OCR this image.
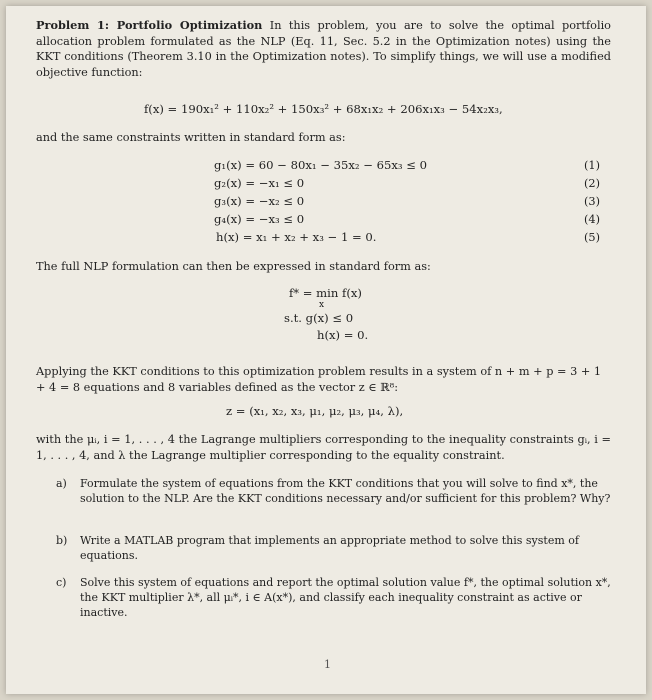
Problem 1: Portfolio Optimization In this problem, you are to solve the optimal portfolio allocation problem formulated as the NLP (Eq. 11, Sec. 5.2 in the Optimization notes) using the KKT conditions (Theorem 3.10 in the Optimization notes). To simplify things, we will use a modified objective function:
f(x) = 190x₁² + 110x₂² + 150x₃² + 68x₁x₂ + 206x₁x₃ − 54x₂x₃,
and the same constraints written in standard form as:
g₁(x) = 60 − 80x₁ − 35x₂ − 65x₃ ≤ 0	(1)
g₂(x) = −x₁ ≤ 0	(2)
g₃(x) = −x₂ ≤ 0	(3)
g₄(x) = −x₃ ≤ 0	(4)
h(x) = x₁ + x₂ + x₃ − 1 = 0.	(5)
The full NLP formulation can then be expressed in standard form as:
f* = min f(x)
x
s.t. g(x) ≤ 0
h(x) = 0.
Applying the KKT conditions to this optimization problem results in a system of n + m + p = 3 + 1 + 4 = 8 equations and 8 variables defined as the vector z ∈ ℝ⁸:
z = (x₁, x₂, x₃, μ₁, μ₂, μ₃, μ₄, λ),
with the μᵢ, i = 1, . . . , 4 the Lagrange multipliers corresponding to the inequality constraints gᵢ, i = 1, . . . , 4, and λ the Lagrange multiplier corresponding to the equality constraint.
a) Formulate the system of equations from the KKT conditions that you will solve to find x*, the solution to the NLP. Are the KKT conditions necessary and/or sufficient for this problem? Why?
b) Write a MATLAB program that implements an appropriate method to solve this system of equations.
c) Solve this system of equations and report the optimal solution value f*, the optimal solution x*, the KKT multiplier λ*, all μᵢ*, i ∈ A(x*), and classify each inequality constraint as active or inactive.
1
